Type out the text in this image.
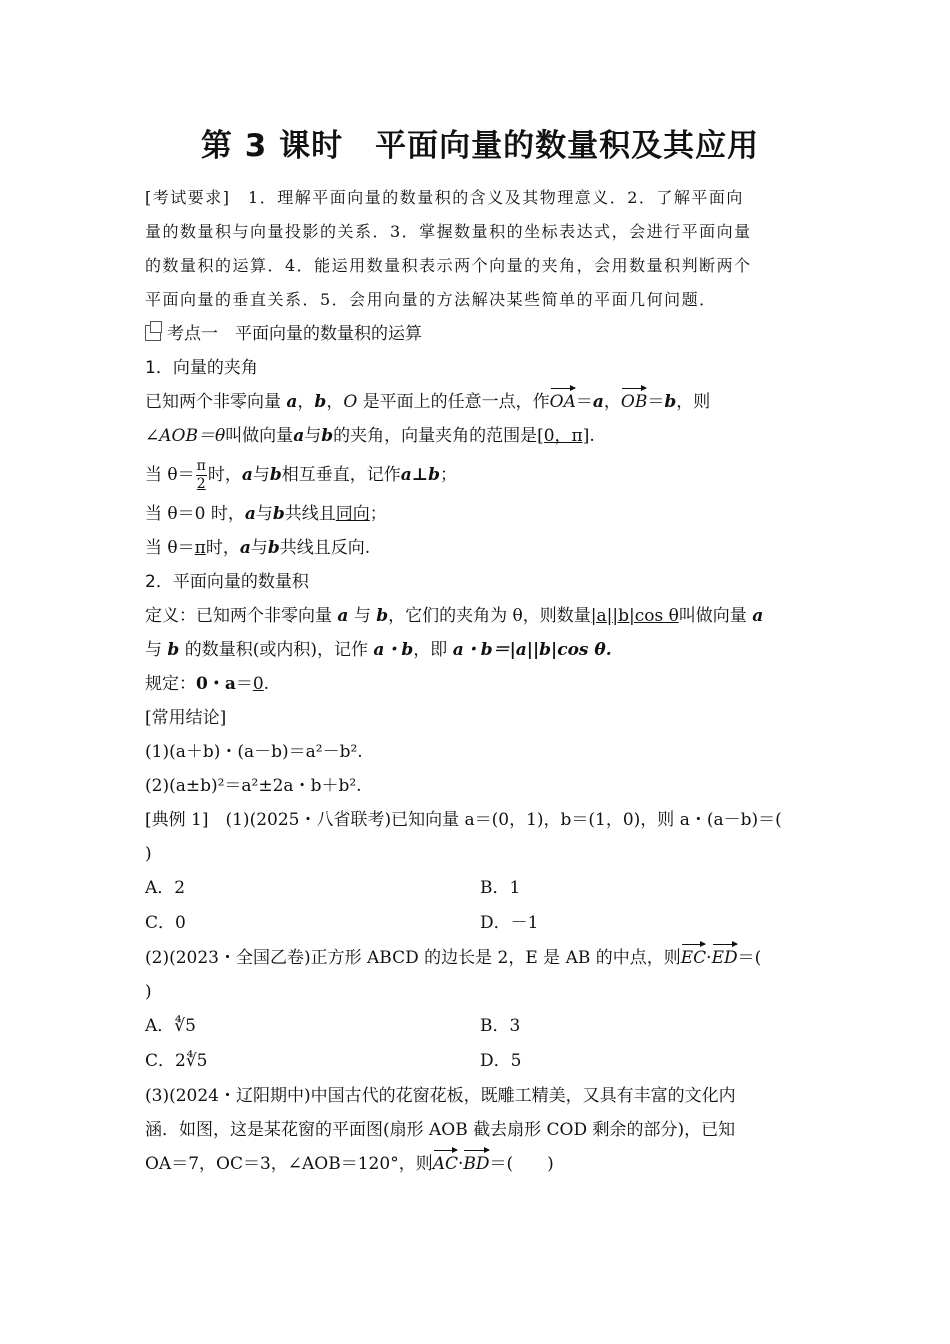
第 3 课时　平面向量的数量积及其应用

[考试要求]　 1．理解平面向量的数量积的含义及其物理意义．2．了解平面向

量的数量积与向量投影的关系．3．掌握数量积的坐标表达式，会进行平面向量

的数量积的运算．4．能运用数量积表示两个向量的夹角，会用数量积判断两个

平面向量的垂直关系．5．会用向量的方法解决某些简单的平面几何问题．

考点一　平面向量的数量积的运算

1．向量的夹角

已知两个非零向量 a，b，O 是平面上的任意一点，作OA＝a，OB＝b，则

∠AOB＝θ叫做向量a与b的夹角，向量夹角的范围是[0，π].

当 $\theta= \frac{\pi}{2}$ 时，a与b相互垂直，记作a⊥b；

当 θ＝0 时，a与b共线且同向；

当 θ＝π时，a与b共线且反向.

2．平面向量的数量积

定义：已知两个非零向量 a 与 b，它们的夹角为 θ，则数量|a||b|cos θ叫做向量 a

与 b 的数量积(或内积)，记作 a・b，即 a・b＝|a||b|cos θ.

规定：0・a＝0.

[常用结论]

(1)(a＋b)・(a－b)＝a²－b².

(2)(a±b)²＝a²±2a・b＋b².

[典例 1]　(1)(2025・八省联考)已知向量 a＝(0，1)，b＝(1，0)，则 a・(a－b)＝(

)

A．2	B．1
C．0	D．－1

(2)(2023・全国乙卷)正方形 ABCD 的边长是 2，E 是 AB 的中点，则EC·ED＝(

)

A．∜5	B．3
C．2∜5	D．5

(3)(2024・辽阳期中)中国古代的花窗花板，既雕工精美，又具有丰富的文化内

涵．如图，这是某花窗的平面图(扇形 AOB 截去扇形 COD 剩余的部分)，已知

OA＝7，OC＝3，∠AOB＝120°，则AC·BD＝(　　)
